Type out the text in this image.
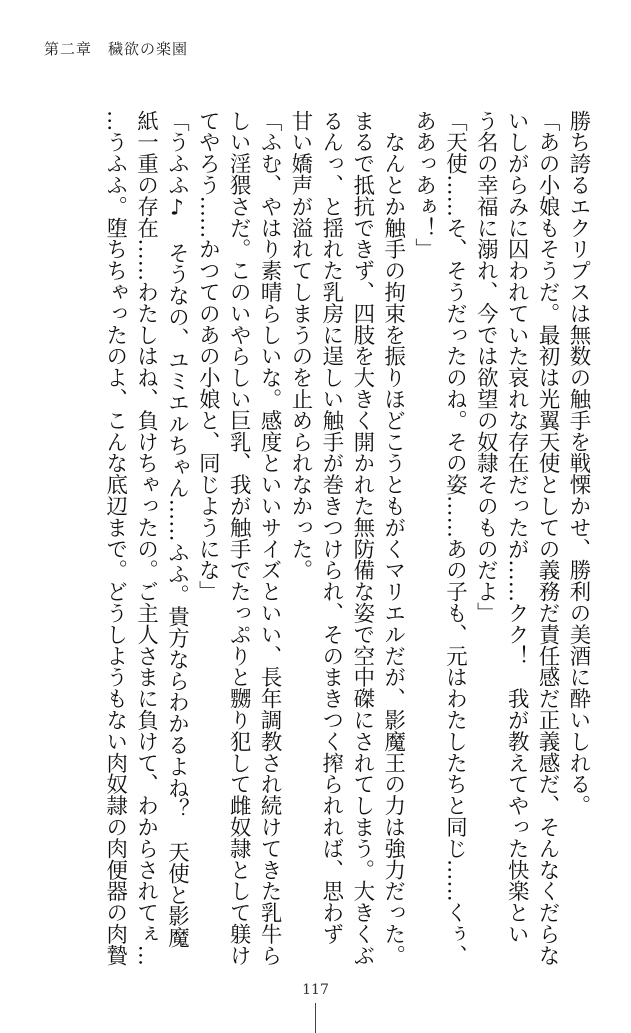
第二章　穢欲の楽園
勝ち誇るエクリプスは無数の触手を戦慄かせ、勝利の美酒に酔いしれる。
「あの小娘もそうだ。最初は光翼天使としての義務だ責任感だ正義感だ、そんなくだらな
いしがらみに囚われていた哀れな存在だったが……クク！　我が教えてやった快楽とい
う名の幸福に溺れ、今では欲望の奴隷そのものだよ」
「天使……そ、そうだったのね。その姿……あの子も、元はわたしたちと同じ……くぅ、
ああっあぁ！」
　なんとか触手の拘束を振りほどこうともがくマリエルだが、影魔王の力は強力だった。
まるで抵抗できず、四肢を大きく開かれた無防備な姿で空中磔にされてしまう。大きくぶ
るんっ、と揺れた乳房に逞しい触手が巻きつけられ、そのまきつく搾られれば、思わず
甘い嬌声が溢れてしまうのを止められなかった。
「ふむ、やはり素晴らしいな。感度といいサイズといい、長年調教され続けてきた乳牛ら
しい淫猥さだ。このいやらしい巨乳、我が触手でたっぷりと嬲り犯して雌奴隷として躾け
てやろう……かつてのあの小娘と、同じようにな」
「うふふ♪　そうなの、ユミエルちゃん……ふふ。貴方ならわかるよね？　天使と影魔
紙一重の存在……わたしはね、負けちゃったの。ご主人さまに負けて、わからされてぇ…
…うふふ。堕ちちゃったのよ、こんな底辺まで。どうしようもない肉奴隷の肉便器の肉贄
117
